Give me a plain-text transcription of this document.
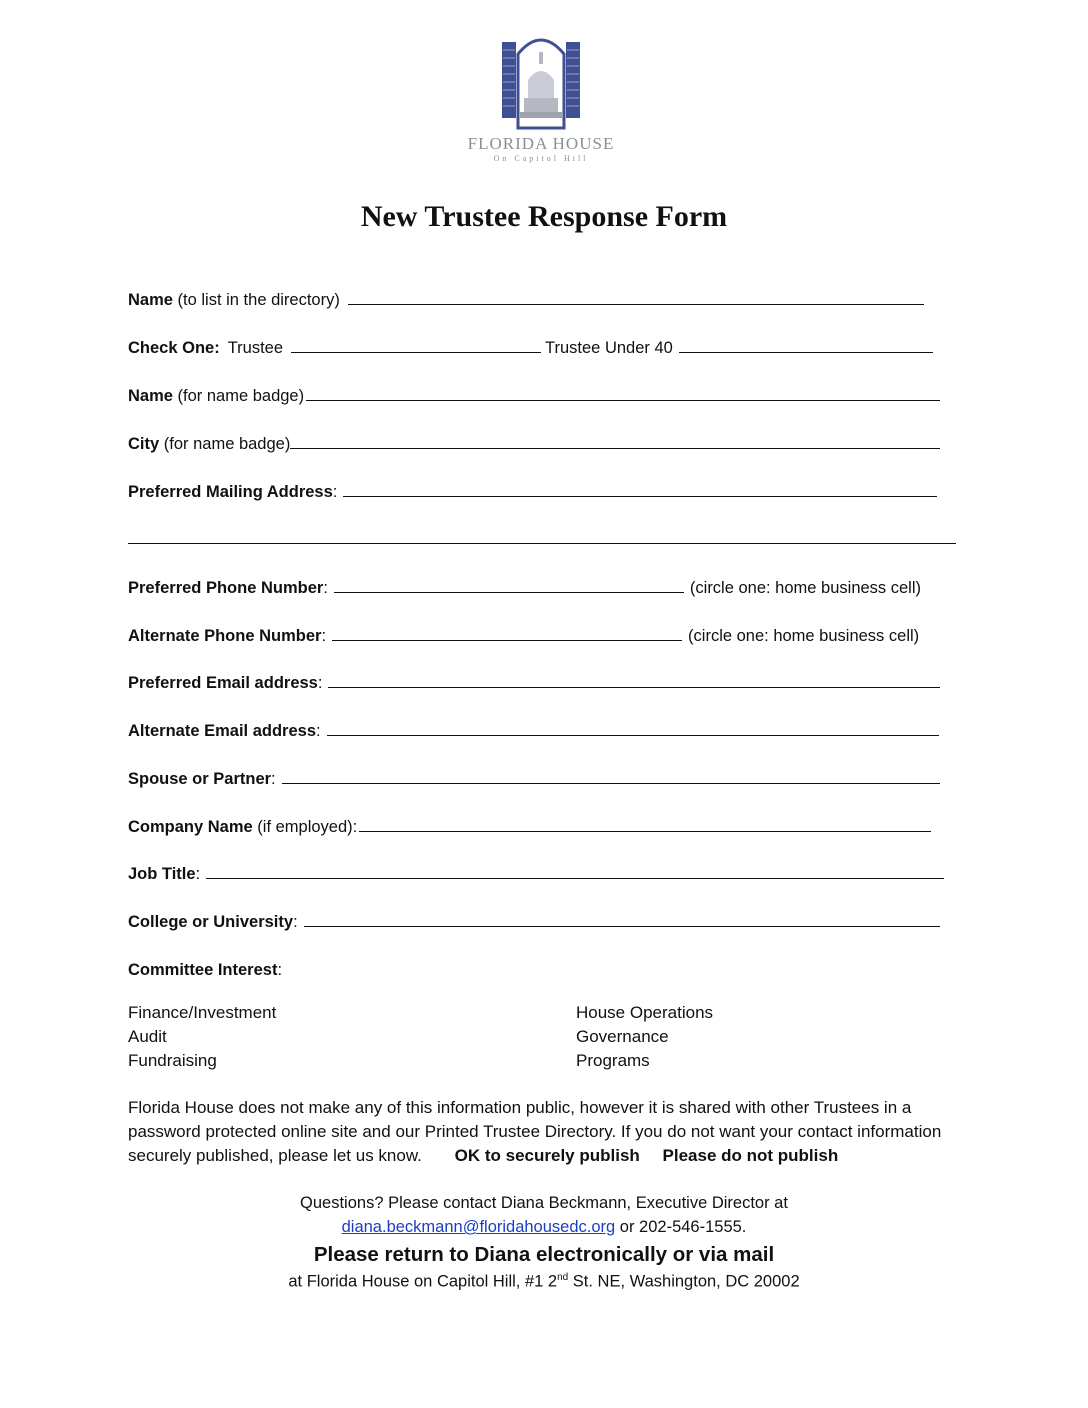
FLORIDA HOUSE
On Capitol Hill
New Trustee Response Form
Name (to list in the directory)
Check One: Trustee	Trustee Under 40
Name (for name badge)
City (for name badge)
Preferred Mailing Address:
Preferred Phone Number:	(circle one: home business cell)
Alternate Phone Number:	(circle one: home business cell)
Preferred Email address:
Alternate Email address:
Spouse or Partner:
Company Name (if employed):
Job Title:
College or University:
Committee Interest:
Finance/Investment
Audit
Fundraising
House Operations
Governance
Programs
Florida House does not make any of this information public, however it is shared with other Trustees in a password protected online site and our Printed Trustee Directory. If you do not want your contact information securely published, please let us know. OK to securely publish Please do not publish
Questions? Please contact Diana Beckmann, Executive Director at
diana.beckmann@floridahousedc.org or 202-546-1555.
Please return to Diana electronically or via mail
at Florida House on Capitol Hill, #1 2nd St. NE, Washington, DC 20002
